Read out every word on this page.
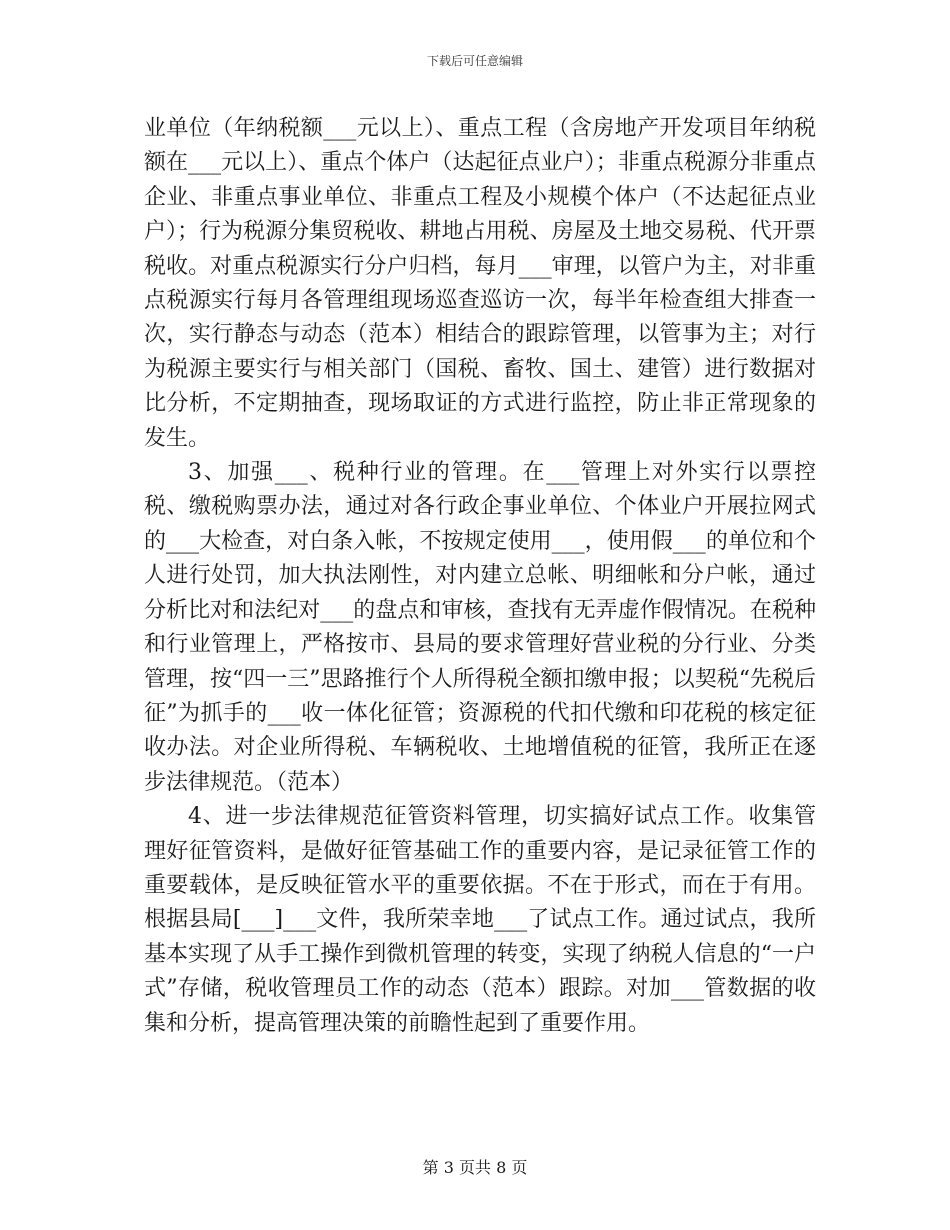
下载后可任意编辑

业单位（年纳税额___元以上）、重点工程（含房地产开发项目年纳税额在___元以上）、重点个体户（达起征点业户）；非重点税源分非重点企业、非重点事业单位、非重点工程及小规模个体户（不达起征点业户）；行为税源分集贸税收、耕地占用税、房屋及土地交易税、代开票税收。对重点税源实行分户归档，每月___审理，以管户为主，对非重点税源实行每月各管理组现场巡查巡访一次，每半年检查组大排查一次，实行静态与动态（范本）相结合的跟踪管理，以管事为主；对行为税源主要实行与相关部门（国税、畜牧、国土、建管）进行数据对比分析，不定期抽查，现场取证的方式进行监控，防止非正常现象的发生。

3、加强___、税种行业的管理。在___管理上对外实行以票控税、缴税购票办法，通过对各行政企事业单位、个体业户开展拉网式的___大检查，对白条入帐，不按规定使用___，使用假___的单位和个人进行处罚，加大执法刚性，对内建立总帐、明细帐和分户帐，通过分析比对和法纪对___的盘点和审核，查找有无弄虚作假情况。在税种和行业管理上，严格按市、县局的要求管理好营业税的分行业、分类管理，按“四一三”思路推行个人所得税全额扣缴申报；以契税“先税后征”为抓手的___收一体化征管；资源税的代扣代缴和印花税的核定征收办法。对企业所得税、车辆税收、土地增值税的征管，我所正在逐步法律规范。（范本）

4、进一步法律规范征管资料管理，切实搞好试点工作。收集管理好征管资料，是做好征管基础工作的重要内容，是记录征管工作的重要载体，是反映征管水平的重要依据。不在于形式，而在于有用。根据县局[___]___文件，我所荣幸地___了试点工作。通过试点，我所基本实现了从手工操作到微机管理的转变，实现了纳税人信息的“一户式”存储，税收管理员工作的动态（范本）跟踪。对加___管数据的收集和分析，提高管理决策的前瞻性起到了重要作用。

第 3 页共 8 页
